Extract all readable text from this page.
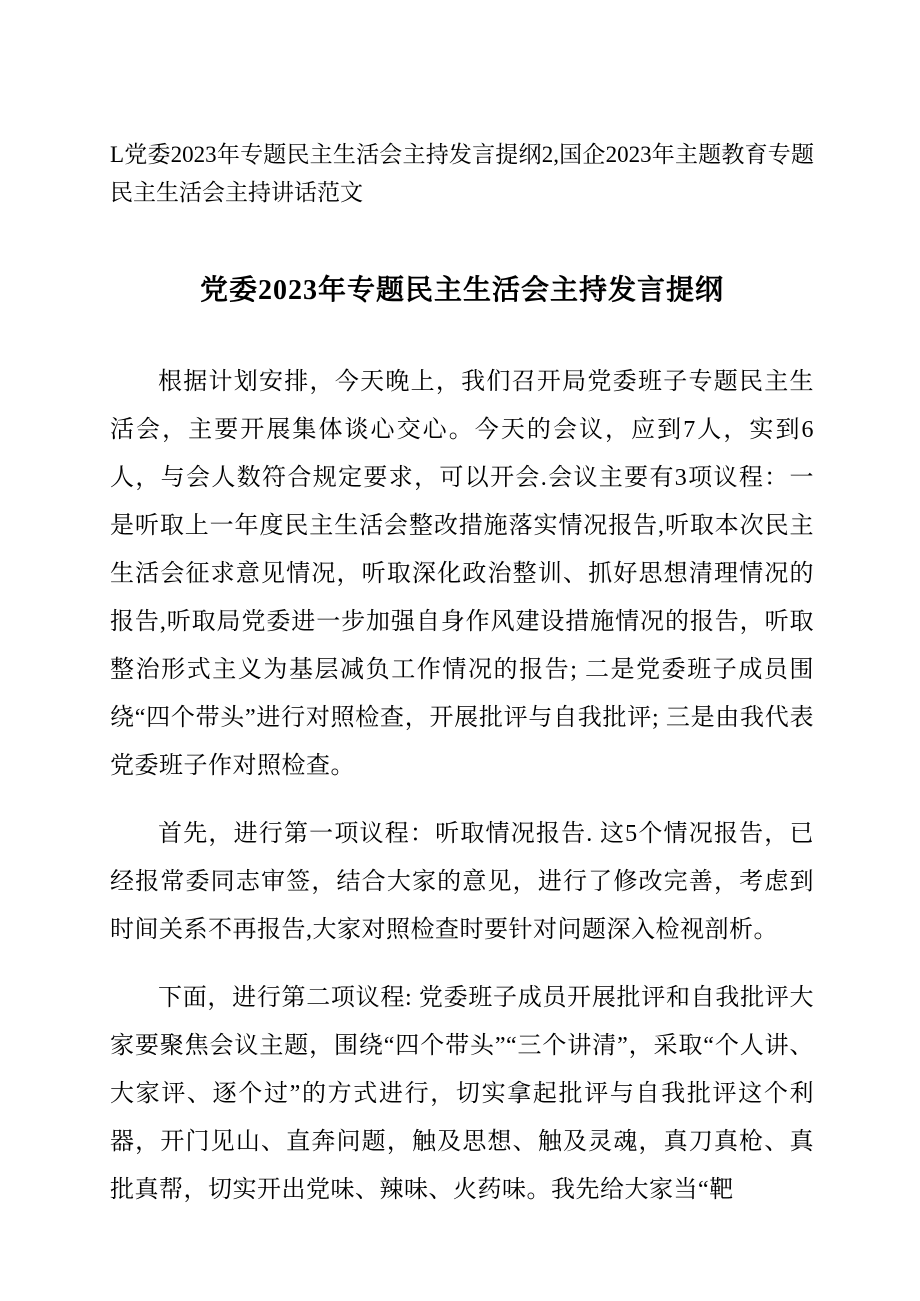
L党委2023年专题民主生活会主持发言提纲2,国企2023年主题教育专题民主生活会主持讲话范文
党委2023年专题民主生活会主持发言提纲

根据计划安排，今天晚上，我们召开局党委班子专题民主生活会，主要开展集体谈心交心。今天的会议，应到7人，实到6人，与会人数符合规定要求，可以开会.会议主要有3项议程：一是听取上一年度民主生活会整改措施落实情况报告,听取本次民主生活会征求意见情况，听取深化政治整训、抓好思想清理情况的报告,听取局党委进一步加强自身作风建设措施情况的报告，听取整治形式主义为基层减负工作情况的报告; 二是党委班子成员围绕“四个带头”进行对照检查，开展批评与自我批评; 三是由我代表党委班子作对照检查。

首先，进行第一项议程：听取情况报告. 这5个情况报告，已经报常委同志审签，结合大家的意见，进行了修改完善，考虑到时间关系不再报告,大家对照检查时要针对问题深入检视剖析。

下面，进行第二项议程: 党委班子成员开展批评和自我批评大家要聚焦会议主题，围绕“四个带头”“三个讲清”，采取“个人讲、大家评、逐个过”的方式进行，切实拿起批评与自我批评这个利器，开门见山、直奔问题，触及思想、触及灵魂，真刀真枪、真批真帮，切实开出党味、辣味、火药味。我先给大家当“靶
